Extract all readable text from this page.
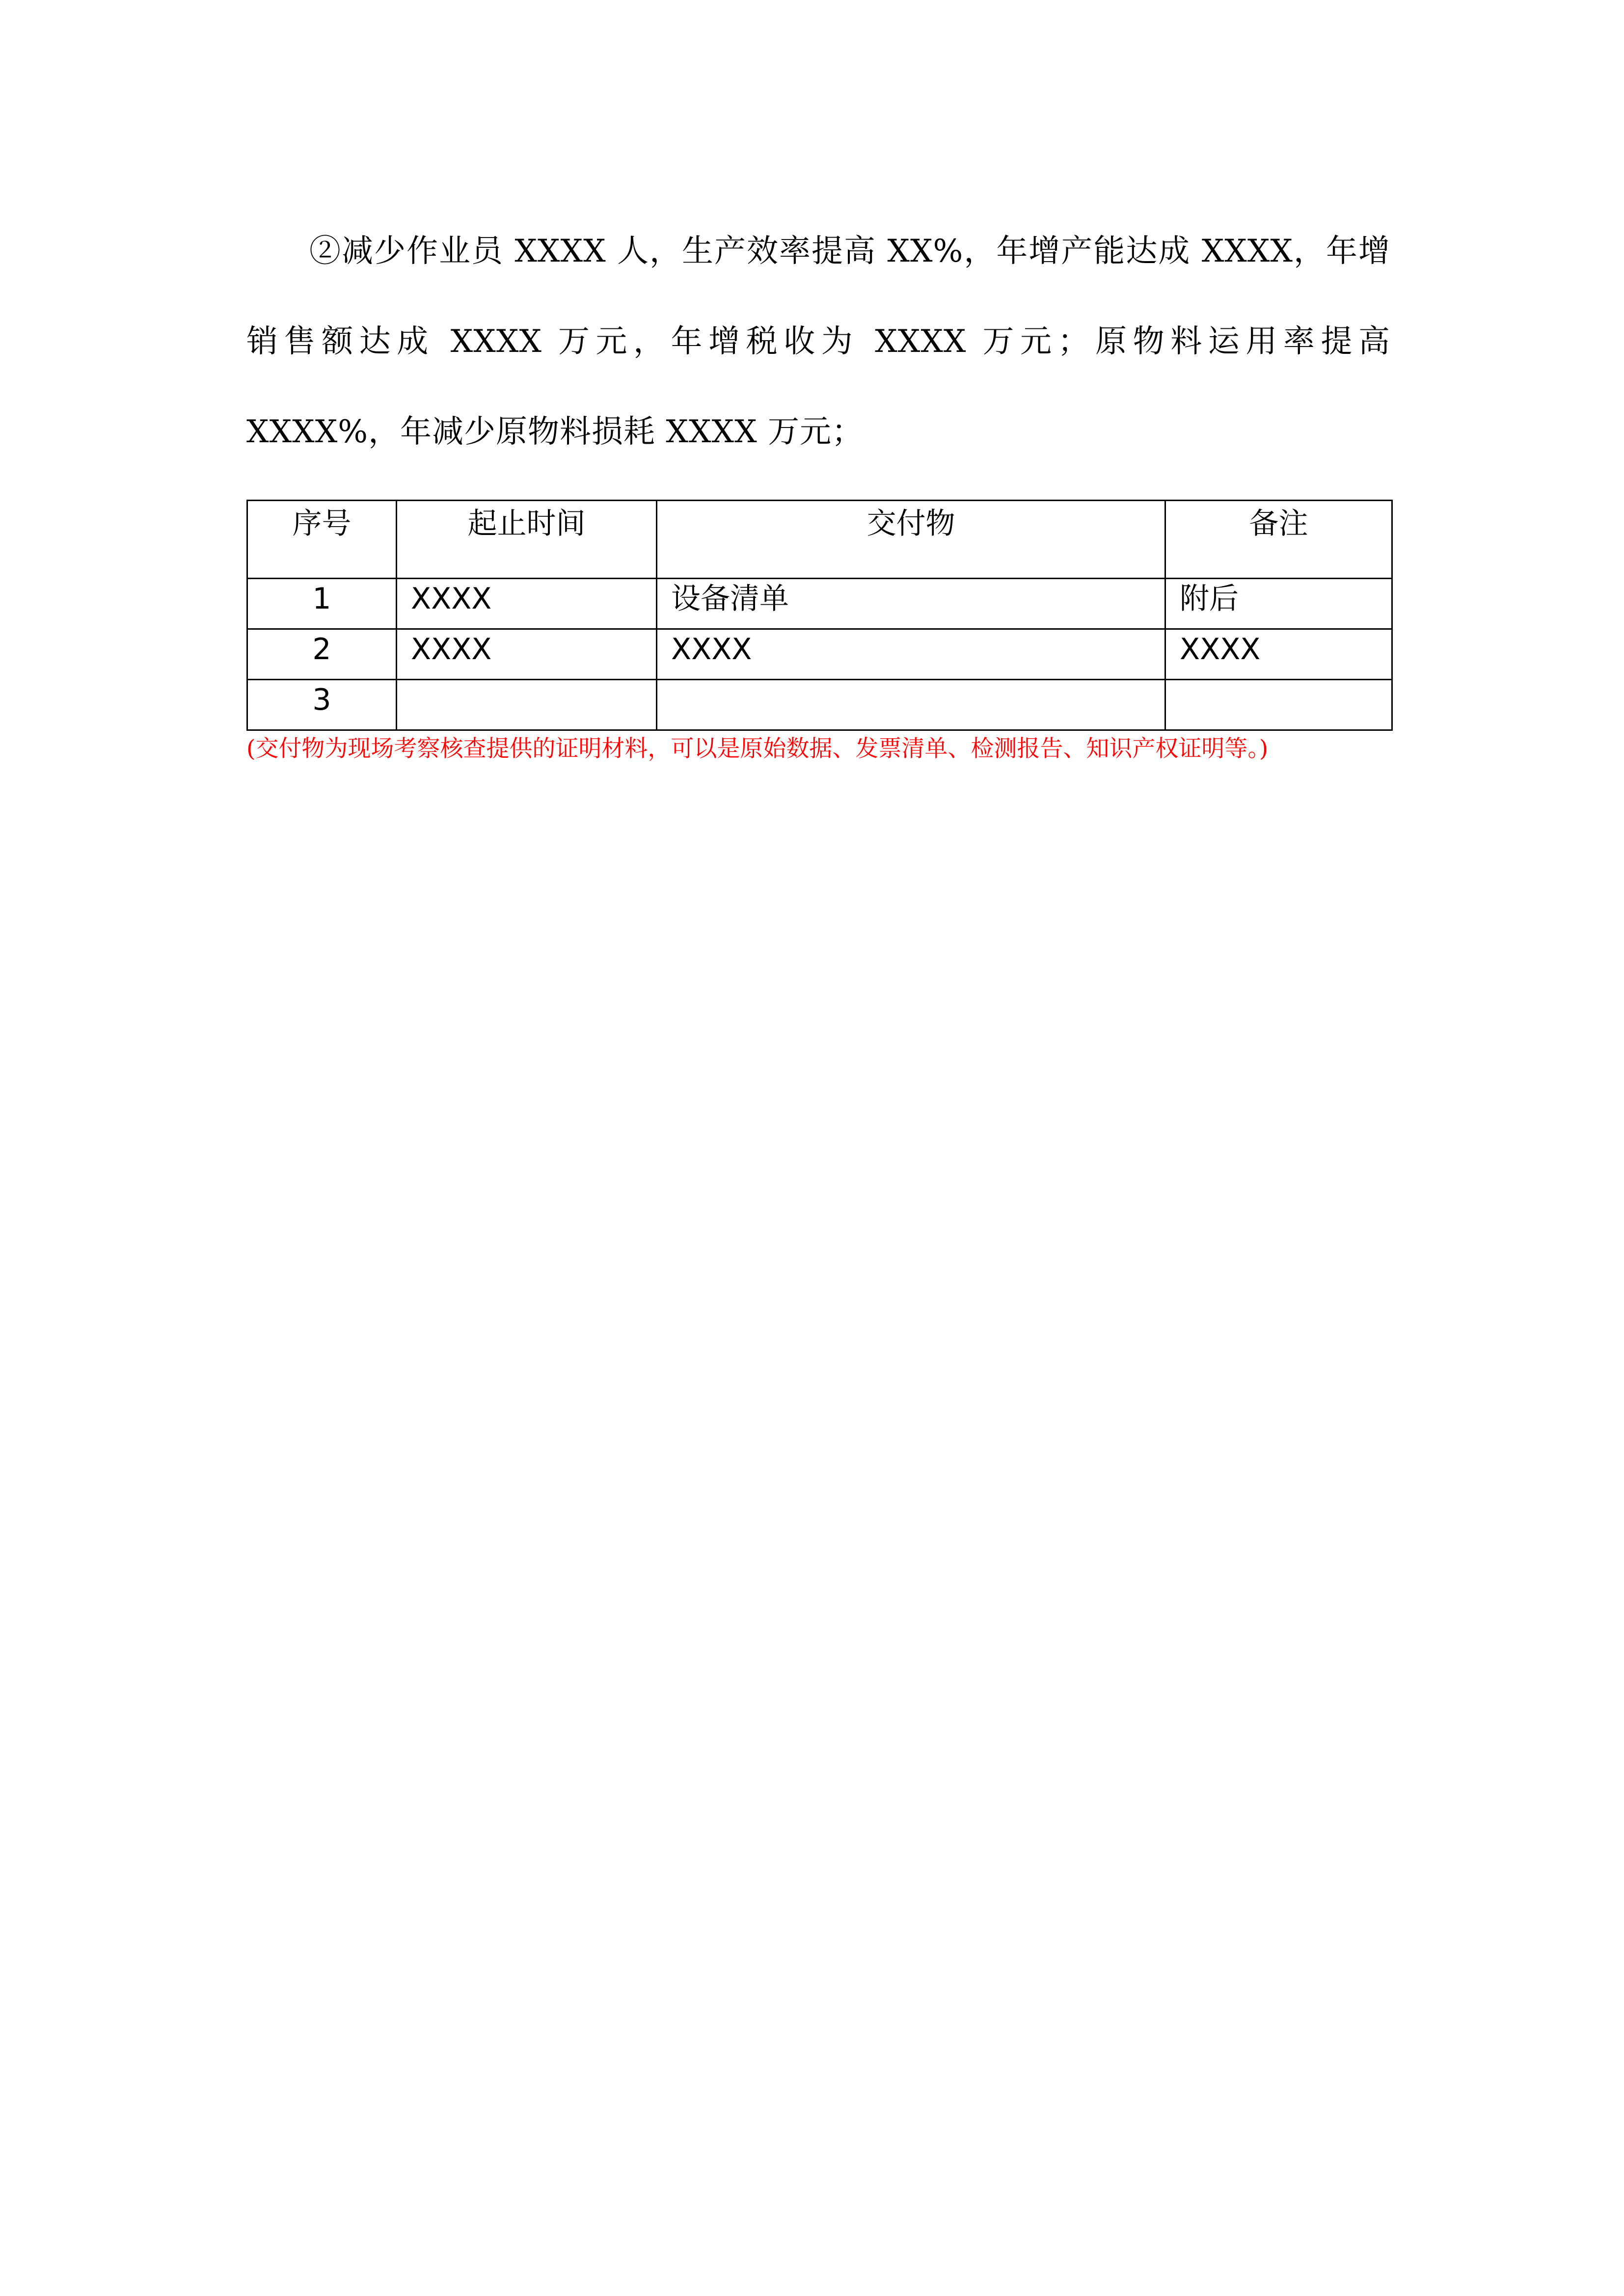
②减少作业员 XXXX 人，生产效率提高 XX%，年增产能达成 XXXX，年增销售额达成 XXXX 万元，年增税收为 XXXX 万元；原物料运用率提高 XXXX%，年减少原物料损耗 XXXX 万元；

序号	起止时间	交付物	备注
1	XXXX	设备清单	附后
2	XXXX	XXXX	XXXX
3			

(交付物为现场考察核查提供的证明材料，可以是原始数据、发票清单、检测报告、知识产权证明等。)
